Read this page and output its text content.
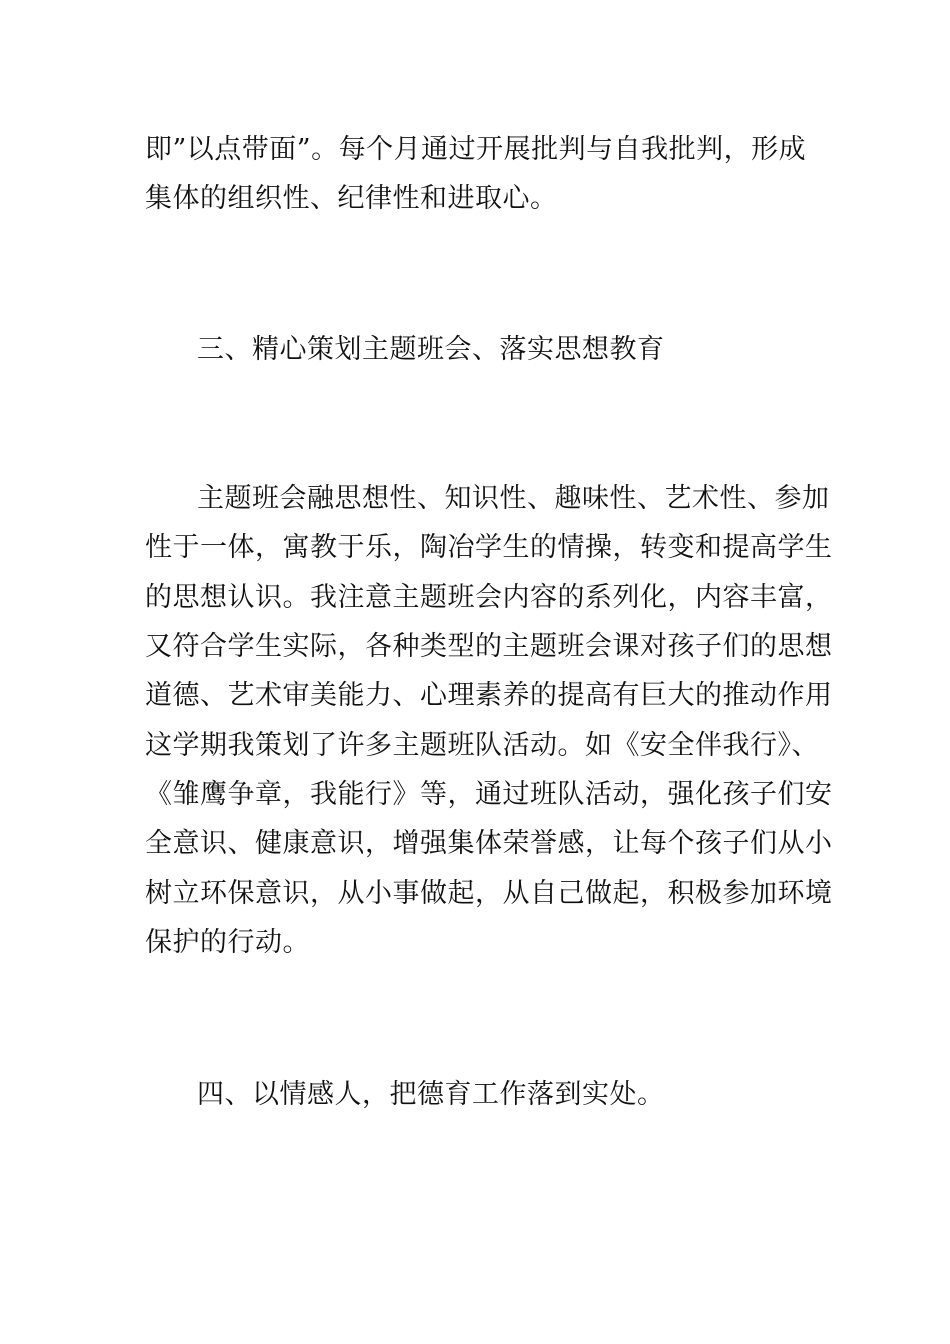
即”以点带面”。每个月通过开展批判与自我批判，形成
集体的组织性、纪律性和进取心。
三、精心策划主题班会、落实思想教育
主题班会融思想性、知识性、趣味性、艺术性、参加
性于一体，寓教于乐，陶冶学生的情操，转变和提高学生
的思想认识。我注意主题班会内容的系列化，内容丰富，
又符合学生实际，各种类型的主题班会课对孩子们的思想
道德、艺术审美能力、心理素养的提高有巨大的推动作用
这学期我策划了许多主题班队活动。如《安全伴我行》、
《雏鹰争章，我能行》等，通过班队活动，强化孩子们安
全意识、健康意识，增强集体荣誉感，让每个孩子们从小
树立环保意识，从小事做起，从自己做起，积极参加环境
保护的行动。
四、以情感人，把德育工作落到实处。
